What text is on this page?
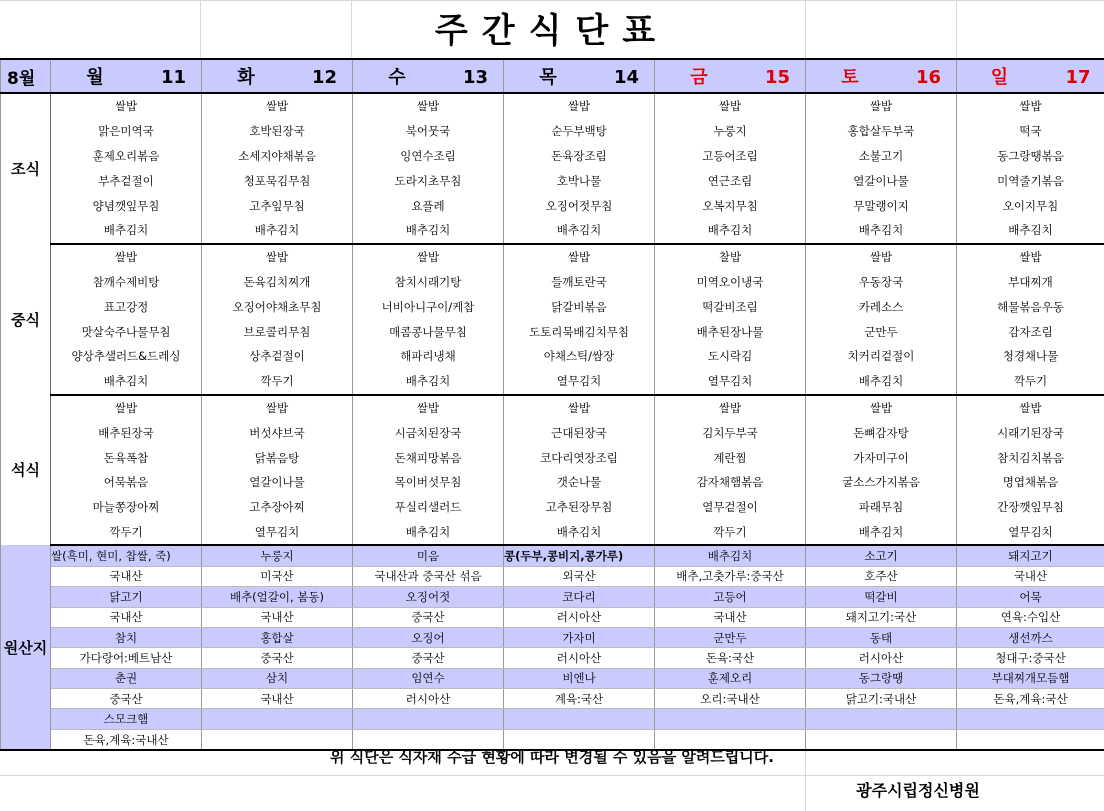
주간식단표
8월	월 11	화 12	수 13	목 14	금 15	토 16	일 17
조식	쌀밥	쌀밥	쌀밥	쌀밥	쌀밥	쌀밥	쌀밥
	맑은미역국	호박된장국	북어뭇국	순두부백탕	누룽지	홍합살두부국	떡국
	훈제오리볶음	소세지야채볶음	잉연수조림	돈육장조림	고등어조림	소불고기	동그랑땡볶음
	부추겉절이	청포묵김무침	도라지초무침	호박나물	연근조림	열갈이나물	미역줄기볶음
	양념깻잎무침	고추잎무침	요플레	오징어젓무침	오복지무침	무말랭이지	오이지무침
	배추김치	배추김치	배추김치	배추김치	배추김치	배추김치	배추김치
중식	쌀밥	쌀밥	쌀밥	쌀밥	찰밥	쌀밥	쌀밥
	참깨수제비탕	돈육김치찌개	참치시래기탕	들깨토란국	미역오이냉국	우동장국	부대찌개
	표고강정	오징어야채초무침	너비아니구이/케찹	닭갈비볶음	떡갈비조림	카레소스	해물볶음우동
	맛살숙주나물무침	브로콜리무침	매콤콩나물무침	도토리묵배김치무침	배추된장나물	군만두	감자조림
	양상추샐러드&드레싱	상추겉절이	해파리냉채	야채스틱/쌈장	도시락김	치커리겉절이	청경채나물
	배추김치	깍두기	배추김치	열무김치	열무김치	배추김치	깍두기
석식	쌀밥	쌀밥	쌀밥	쌀밥	쌀밥	쌀밥	쌀밥
	배추된장국	버섯샤브국	시금치된장국	근대된장국	김치두부국	돈뼈감자탕	시래기된장국
	돈육폭찹	닭볶음탕	돈채피망볶음	코다리엿장조림	계란찜	가자미구이	참치김치볶음
	어묵볶음	열갈이나물	목이버섯무침	갯순나물	감자채햄볶음	굴소스가지볶음	명엽채볶음
	마늘쫑장아찌	고추장아찌	푸실리샐러드	고추된장무침	열무겉절이	파래무침	간장깻잎무침
	깍두기	열무김치	배추김치	배추김치	깍두기	배추김치	열무김치
원산지	쌀(흑미, 현미, 찹쌀, 죽)	누룽지	미음	콩(두부,콩비지,콩가루)	배추김치	소고기	돼지고기
	국내산	미국산	국내산과 중국산 섞음	외국산	배추,고춧가루:중국산	호주산	국내산
	닭고기	배추(얼갈이, 봄동)	오징어젓	코다리	고등어	떡갈비	어묵
	국내산	국내산	중국산	러시아산	국내산	돼지고기:국산	연육:수입산
	참치	홍합살	오징어	가자미	군만두	동태	생선까스
	가다랑어:베트남산	중국산	중국산	러시아산	돈육:국산	러시아산	청대구:중국산
	춘권	삼치	임연수	비엔나	훈제오리	동그랑땡	부대찌개모듬햄
	중국산	국내산	러시아산	계육:국산	오리:국내산	닭고기:국내산	돈육,계육:국산
	스모크햄						
	돈육,계육:국내산						
위 식단은 식자재 수급 현황에 따라 변경될 수 있음을 알려드립니다.
광주시립정신병원
